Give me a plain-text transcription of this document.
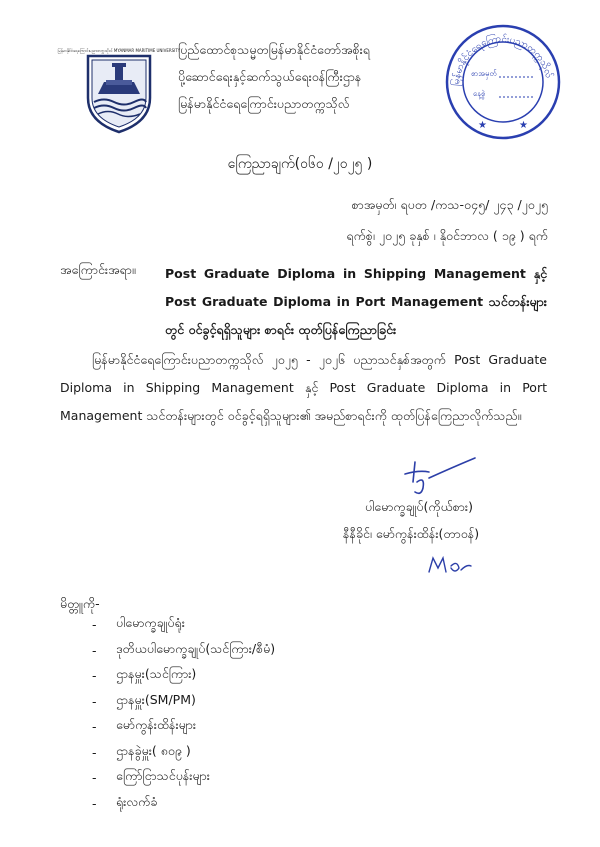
မြန်မာနိုင်ငံရေကြောင်းပညာတက္ကသိုလ် MYANMAR MARITIME UNIVERSITY
ပြည်ထောင်စုသမ္မတမြန်မာနိုင်ငံတော်အစိုးရ
ပို့ဆောင်ရေးနှင့်ဆက်သွယ်ရေးဝန်ကြီးဌာန
မြန်မာနိုင်ငံရေကြောင်းပညာတက္ကသိုလ်
မြန်မာနိုင်ငံရေကြောင်းပညာတက္ကသိုလ်
စာအမှတ်
နေ့စွဲ
★	★
ကြေညာချက်(၀၆၀ /၂၀၂၅ )
စာအမှတ်၊ ရပတ /ကသ-၀၄၅/ ၂၄၃ /၂၀၂၅
ရက်စွဲ၊ ၂၀၂၅ ခုနှစ် ၊ နိုဝင်ဘာလ ( ၁၉ ) ရက်
အကြောင်းအရာ။ Post Graduate Diploma in Shipping Management နှင့် Post Graduate Diploma in Port Management သင်တန်းများတွင် ဝင်ခွင့်ရရှိသူများ စာရင်း ထုတ်ပြန်ကြေညာခြင်း
မြန်မာနိုင်ငံရေကြောင်းပညာတက္ကသိုလ် ၂၀၂၅ - ၂၀၂၆ ပညာသင်နှစ်အတွက် Post Graduate Diploma in Shipping Management နှင့် Post Graduate Diploma in Port Management သင်တန်းများတွင် ဝင်ခွင့်ရရှိသူများ၏ အမည်စာရင်းကို ထုတ်ပြန်ကြေညာလိုက်သည်။
ပါမောက္ခချုပ်(ကိုယ်စား)
နီနီခိုင်၊ မော်ကွန်းထိန်း(တာဝန်)
မိတ္တူကို-
-	ပါမောက္ခချုပ်ရုံး
-	ဒုတိယပါမောက္ခချုပ်(သင်ကြား/စီမံ)
-	ဌာနမှူး(သင်ကြား)
-	ဌာနမှူး(SM/PM)
-	မော်ကွန်းထိန်းများ
-	ဌာနခွဲမှူး( ၈၀၉ )
-	ကြော်ငြာသင်ပုန်းများ
-	ရုံးလက်ခံ
